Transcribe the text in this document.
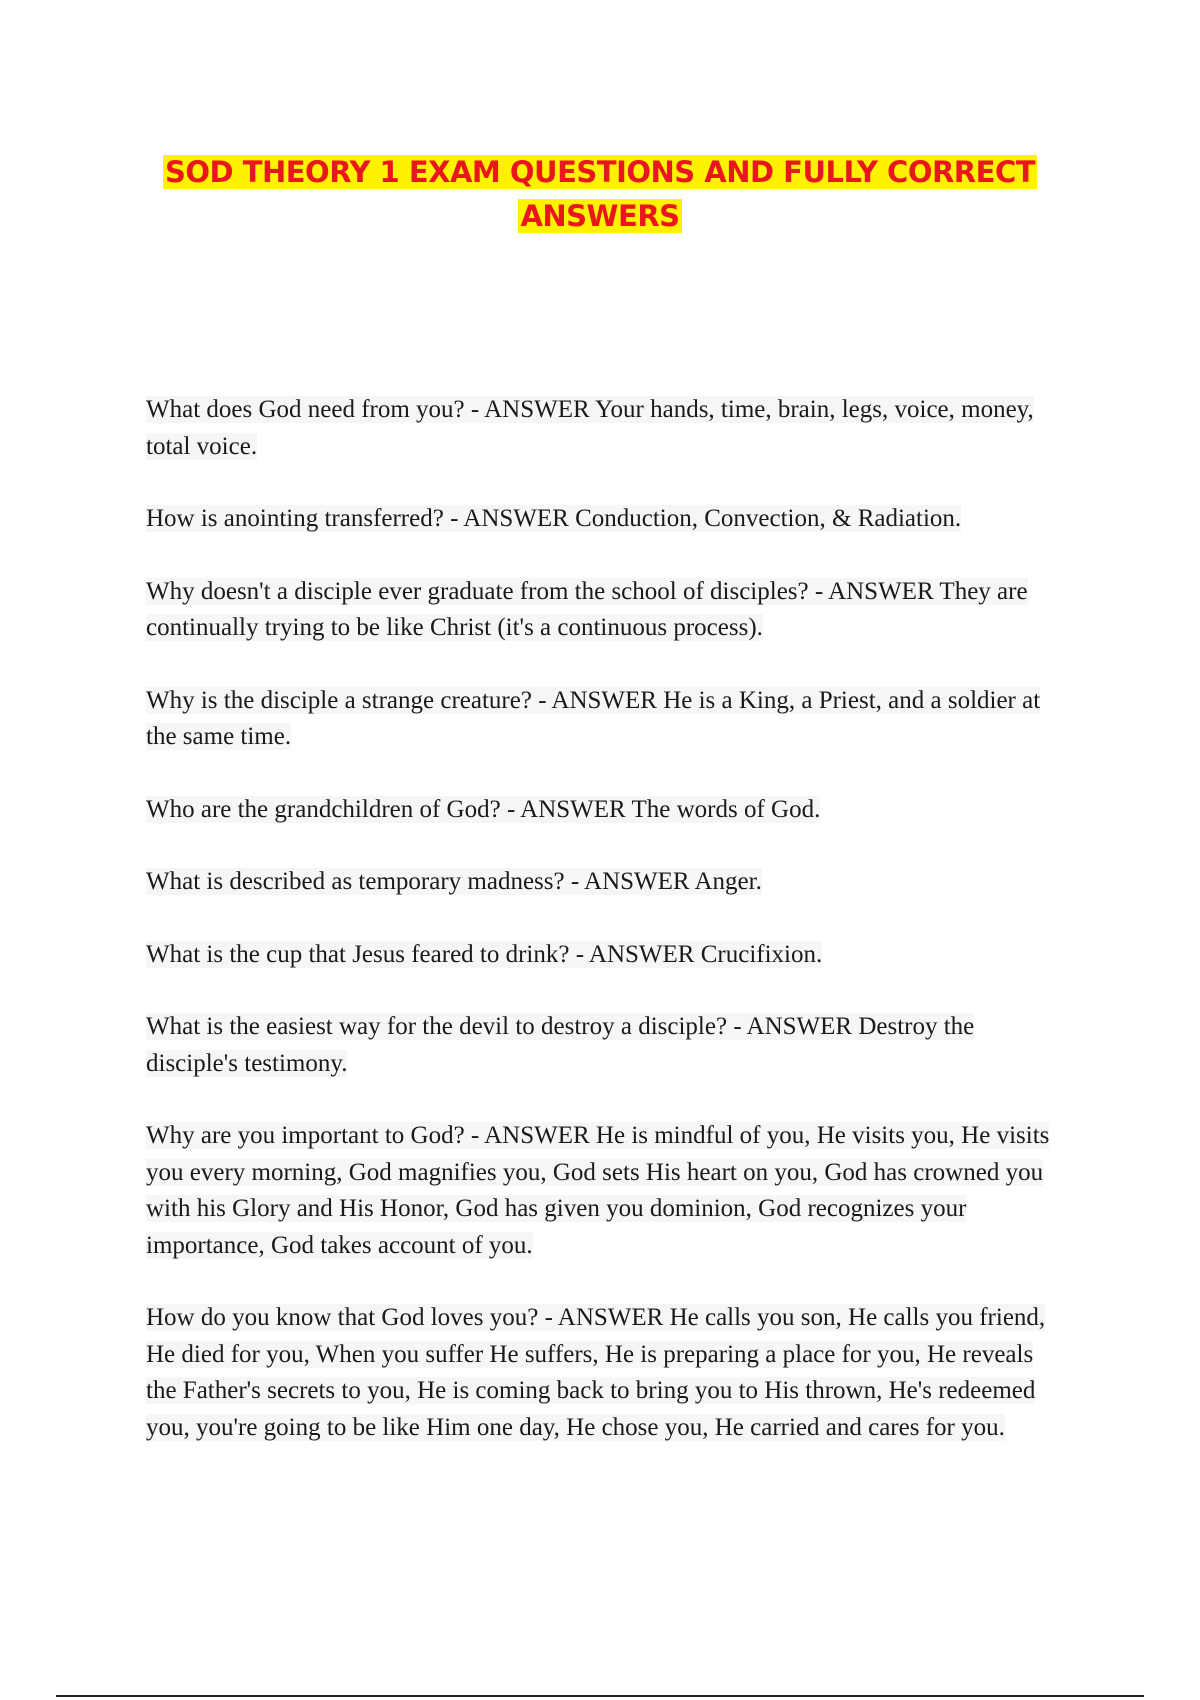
SOD THEORY 1 EXAM QUESTIONS AND FULLY CORRECT ANSWERS
What does God need from you? - ANSWER Your hands, time, brain, legs, voice, money, total voice.
How is anointing transferred? - ANSWER Conduction, Convection, & Radiation.
Why doesn't a disciple ever graduate from the school of disciples? - ANSWER They are continually trying to be like Christ (it's a continuous process).
Why is the disciple a strange creature? - ANSWER He is a King, a Priest, and a soldier at the same time.
Who are the grandchildren of God? - ANSWER The words of God.
What is described as temporary madness? - ANSWER Anger.
What is the cup that Jesus feared to drink? - ANSWER Crucifixion.
What is the easiest way for the devil to destroy a disciple? - ANSWER Destroy the disciple's testimony.
Why are you important to God? - ANSWER He is mindful of you, He visits you, He visits you every morning, God magnifies you, God sets His heart on you, God has crowned you with his Glory and His Honor, God has given you dominion, God recognizes your importance, God takes account of you.
How do you know that God loves you? - ANSWER He calls you son, He calls you friend, He died for you, When you suffer He suffers, He is preparing a place for you, He reveals the Father's secrets to you, He is coming back to bring you to His thrown, He's redeemed you, you're going to be like Him one day, He chose you, He carried and cares for you.
